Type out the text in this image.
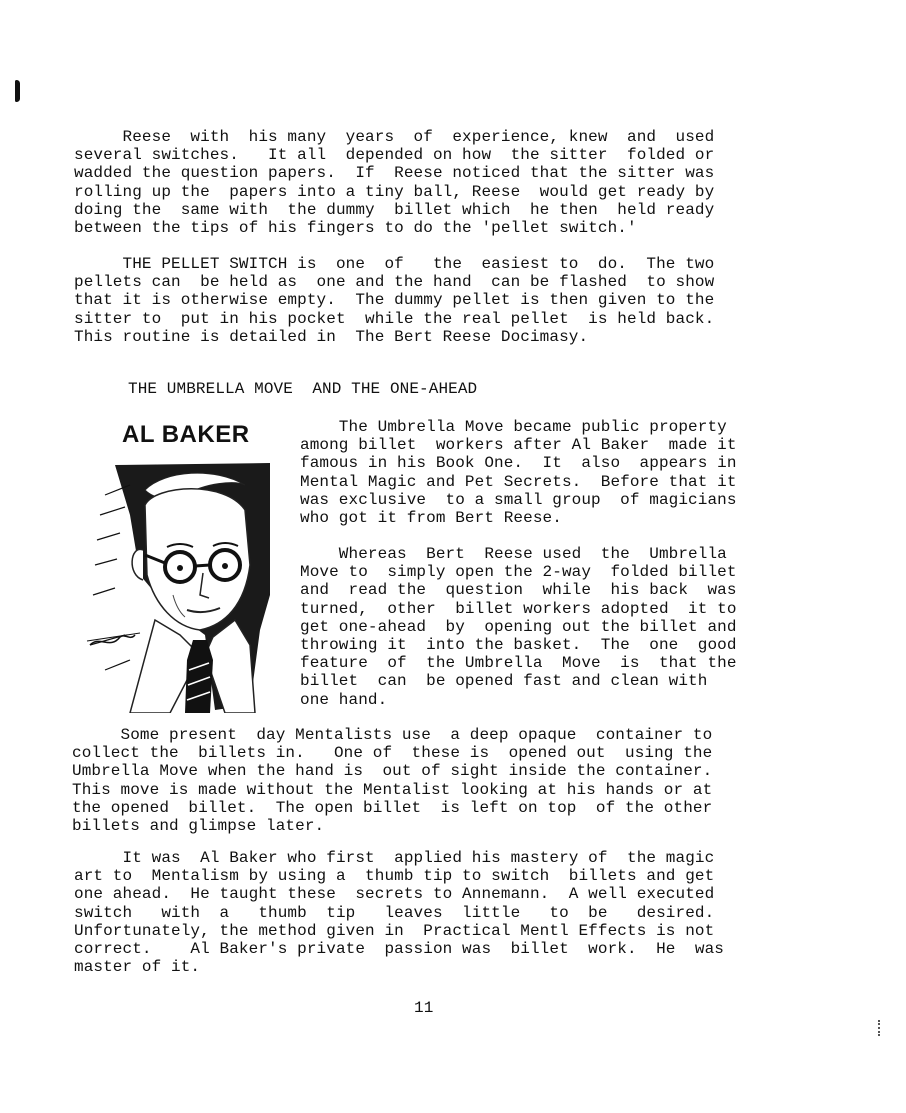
Reese  with  his many  years  of  experience, knew  and  used
several switches.   It all  depended on how  the sitter  folded or
wadded the question papers.  If  Reese noticed that the sitter was
rolling up the  papers into a tiny ball, Reese  would get ready by
doing the  same with  the dummy  billet which  he then  held ready
between the tips of his fingers to do the 'pellet switch.'

THE PELLET SWITCH is  one  of   the  easiest to  do.  The two
pellets can  be held as  one and the hand  can be flashed  to show
that it is otherwise empty.  The dummy pellet is then given to the
sitter to  put in his pocket  while the real pellet  is held back.
This routine is detailed in  The Bert Reese Docimasy.

THE UMBRELLA MOVE  AND THE ONE-AHEAD

AL BAKER	The Umbrella Move became public property
among billet  workers after Al Baker  made it
famous in his Book One.  It  also  appears in
Mental Magic and Pet Secrets.  Before that it
was exclusive  to a small group  of magicians
who got it from Bert Reese.

Whereas  Bert  Reese used  the  Umbrella
Move to  simply open the 2-way  folded billet
and  read the  question  while  his back  was
turned,  other  billet workers adopted  it to
get one-ahead  by  opening out the billet and
throwing it  into the basket.  The  one  good
feature  of  the Umbrella  Move  is  that the
billet  can  be opened fast and clean with
one hand.

Some present  day Mentalists use  a deep opaque  container to
collect the  billets in.   One of  these is  opened out  using the
Umbrella Move when the hand is  out of sight inside the container.
This move is made without the Mentalist looking at his hands or at
the opened  billet.  The open billet  is left on top  of the other
billets and glimpse later.

It was  Al Baker who first  applied his mastery of  the magic
art to  Mentalism by using a  thumb tip to switch  billets and get
one ahead.  He taught these  secrets to Annemann.  A well executed
switch   with  a   thumb  tip   leaves  little   to  be   desired.
Unfortunately, the method given in  Practical Mentl Effects is not
correct.    Al Baker's private  passion was  billet  work.  He  was
master of it.

11
